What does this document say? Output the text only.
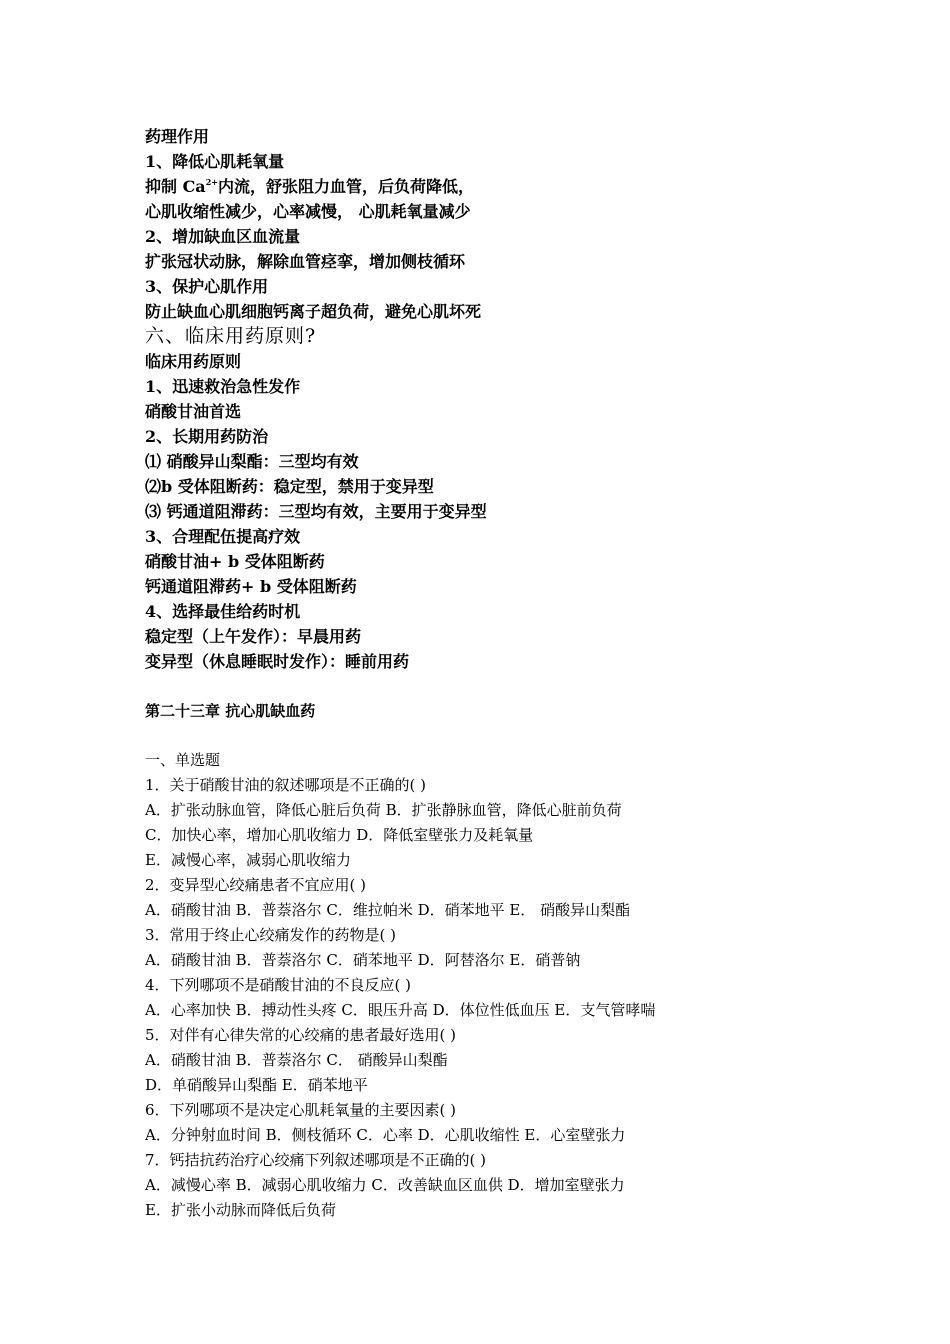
药理作用
1、降低心肌耗氧量
抑制 $Ca^{2+}$内流，舒张阻力血管，后负荷降低，
心肌收缩性减少，心率减慢， 心肌耗氧量减少
2、增加缺血区血流量
扩张冠状动脉，解除血管痉挛，增加侧枝循环
3、保护心肌作用
防止缺血心肌细胞钙离子超负荷，避免心肌坏死
六、临床用药原则?
临床用药原则
1、迅速救治急性发作
硝酸甘油首选
2、长期用药防治
⑴ 硝酸异山梨酯：三型均有效
⑵b 受体阻断药：稳定型，禁用于变异型
⑶ 钙通道阻滞药：三型均有效，主要用于变异型
3、合理配伍提高疗效
硝酸甘油+ b 受体阻断药
钙通道阻滞药+ b 受体阻断药
4、选择最佳给药时机
稳定型（上午发作）：早晨用药
变异型（休息睡眠时发作）：睡前用药
第二十三章 抗心肌缺血药
一、单选题
1．关于硝酸甘油的叙述哪项是不正确的( )
A．扩张动脉血管，降低心脏后负荷 B．扩张静脉血管，降低心脏前负荷
C．加快心率，增加心肌收缩力 D．降低室壁张力及耗氧量
E．减慢心率，减弱心肌收缩力
2．变异型心绞痛患者不宜应用( )
A．硝酸甘油 B．普萘洛尔 C．维拉帕米 D．硝苯地平 E． 硝酸异山梨酯
3．常用于终止心绞痛发作的药物是( )
A．硝酸甘油 B．普萘洛尔 C．硝苯地平 D．阿替洛尔 E．硝普钠
4．下列哪项不是硝酸甘油的不良反应( )
A．心率加快 B．搏动性头疼 C．眼压升高 D．体位性低血压 E．支气管哮喘
5．对伴有心律失常的心绞痛的患者最好选用( )
A．硝酸甘油 B．普萘洛尔 C． 硝酸异山梨酯
D．单硝酸异山梨酯 E．硝苯地平
6．下列哪项不是决定心肌耗氧量的主要因素( )
A．分钟射血时间 B．侧枝循环 C．心率 D．心肌收缩性 E．心室壁张力
7．钙拮抗药治疗心绞痛下列叙述哪项是不正确的( )
A．减慢心率 B．减弱心肌收缩力 C．改善缺血区血供 D．增加室壁张力
E．扩张小动脉而降低后负荷
